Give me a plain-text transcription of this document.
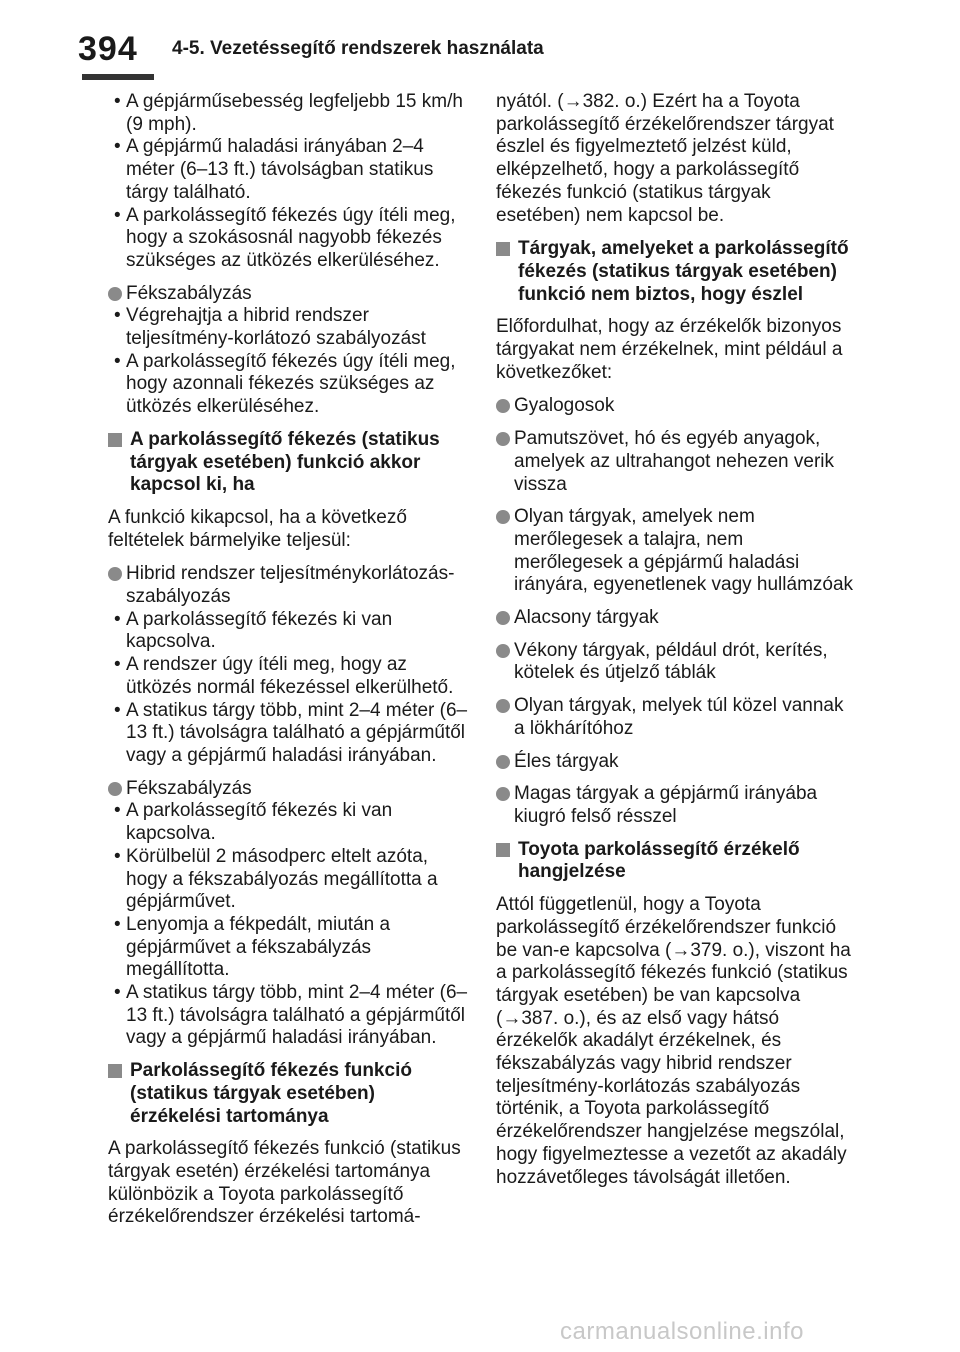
394 4-5. Vezetéssegítő rendszerek használata
• A gépjárműsebesség legfeljebb 15 km/h (9 mph).
• A gépjármű haladási irányában 2–4 méter (6–13 ft.) távolságban statikus tárgy található.
• A parkolássegítő fékezés úgy ítéli meg, hogy a szokásosnál nagyobb fékezés szükséges az ütközés elkerüléséhez.
Fékszabályzás
• Végrehajtja a hibrid rendszer teljesítmény-korlátozó szabályozást
• A parkolássegítő fékezés úgy ítéli meg, hogy azonnali fékezés szükséges az ütközés elkerüléséhez.
A parkolássegítő fékezés (statikus tárgyak esetében) funkció akkor kapcsol ki, ha
A funkció kikapcsol, ha a következő feltételek bármelyike teljesül:
Hibrid rendszer teljesítménykorlátozás-szabályozás
• A parkolássegítő fékezés ki van kapcsolva.
• A rendszer úgy ítéli meg, hogy az ütközés normál fékezéssel elkerülhető.
• A statikus tárgy több, mint 2–4 méter (6–13 ft.) távolságra található a gépjárműtől vagy a gépjármű haladási irányában.
Fékszabályzás
• A parkolássegítő fékezés ki van kapcsolva.
• Körülbelül 2 másodperc eltelt azóta, hogy a fékszabályozás megállította a gépjárművet.
• Lenyomja a fékpedált, miután a gépjárművet a fékszabályzás megállította.
• A statikus tárgy több, mint 2–4 méter (6–13 ft.) távolságra található a gépjárműtől vagy a gépjármű haladási irányában.
Parkolássegítő fékezés funkció (statikus tárgyak esetében) érzékelési tartománya
A parkolássegítő fékezés funkció (statikus tárgyak esetén) érzékelési tartománya különbözik a Toyota parkolássegítő érzékelőrendszer érzékelési tartomá-
nyától. (→382. o.) Ezért ha a Toyota parkolássegítő érzékelőrendszer tárgyat észlel és figyelmeztető jelzést küld, elképzelhető, hogy a parkolássegítő fékezés funkció (statikus tárgyak esetében) nem kapcsol be.
Tárgyak, amelyeket a parkolássegítő fékezés (statikus tárgyak esetében) funkció nem biztos, hogy észlel
Előfordulhat, hogy az érzékelők bizonyos tárgyakat nem érzékelnek, mint például a következőket:
Gyalogosok
Pamutszövet, hó és egyéb anyagok, amelyek az ultrahangot nehezen verik vissza
Olyan tárgyak, amelyek nem merőlegesek a talajra, nem merőlegesek a gépjármű haladási irányára, egyenetlenek vagy hullámzóak
Alacsony tárgyak
Vékony tárgyak, például drót, kerítés, kötelek és útjelző táblák
Olyan tárgyak, melyek túl közel vannak a lökhárítóhoz
Éles tárgyak
Magas tárgyak a gépjármű irányába kiugró felső résszel
Toyota parkolássegítő érzékelő hangjelzése
Attól függetlenül, hogy a Toyota parkolássegítő érzékelőrendszer funkció be van-e kapcsolva (→379. o.), viszont ha a parkolássegítő fékezés funkció (statikus tárgyak esetében) be van kapcsolva (→387. o.), és az első vagy hátsó érzékelők akadályt érzékelnek, és fékszabályzás vagy hibrid rendszer teljesítmény-korlátozás szabályozás történik, a Toyota parkolássegítő érzékelőrendszer hangjelzése megszólal, hogy figyelmeztesse a vezetőt az akadály hozzávetőleges távolságát illetően.
carmanualsonline.info
